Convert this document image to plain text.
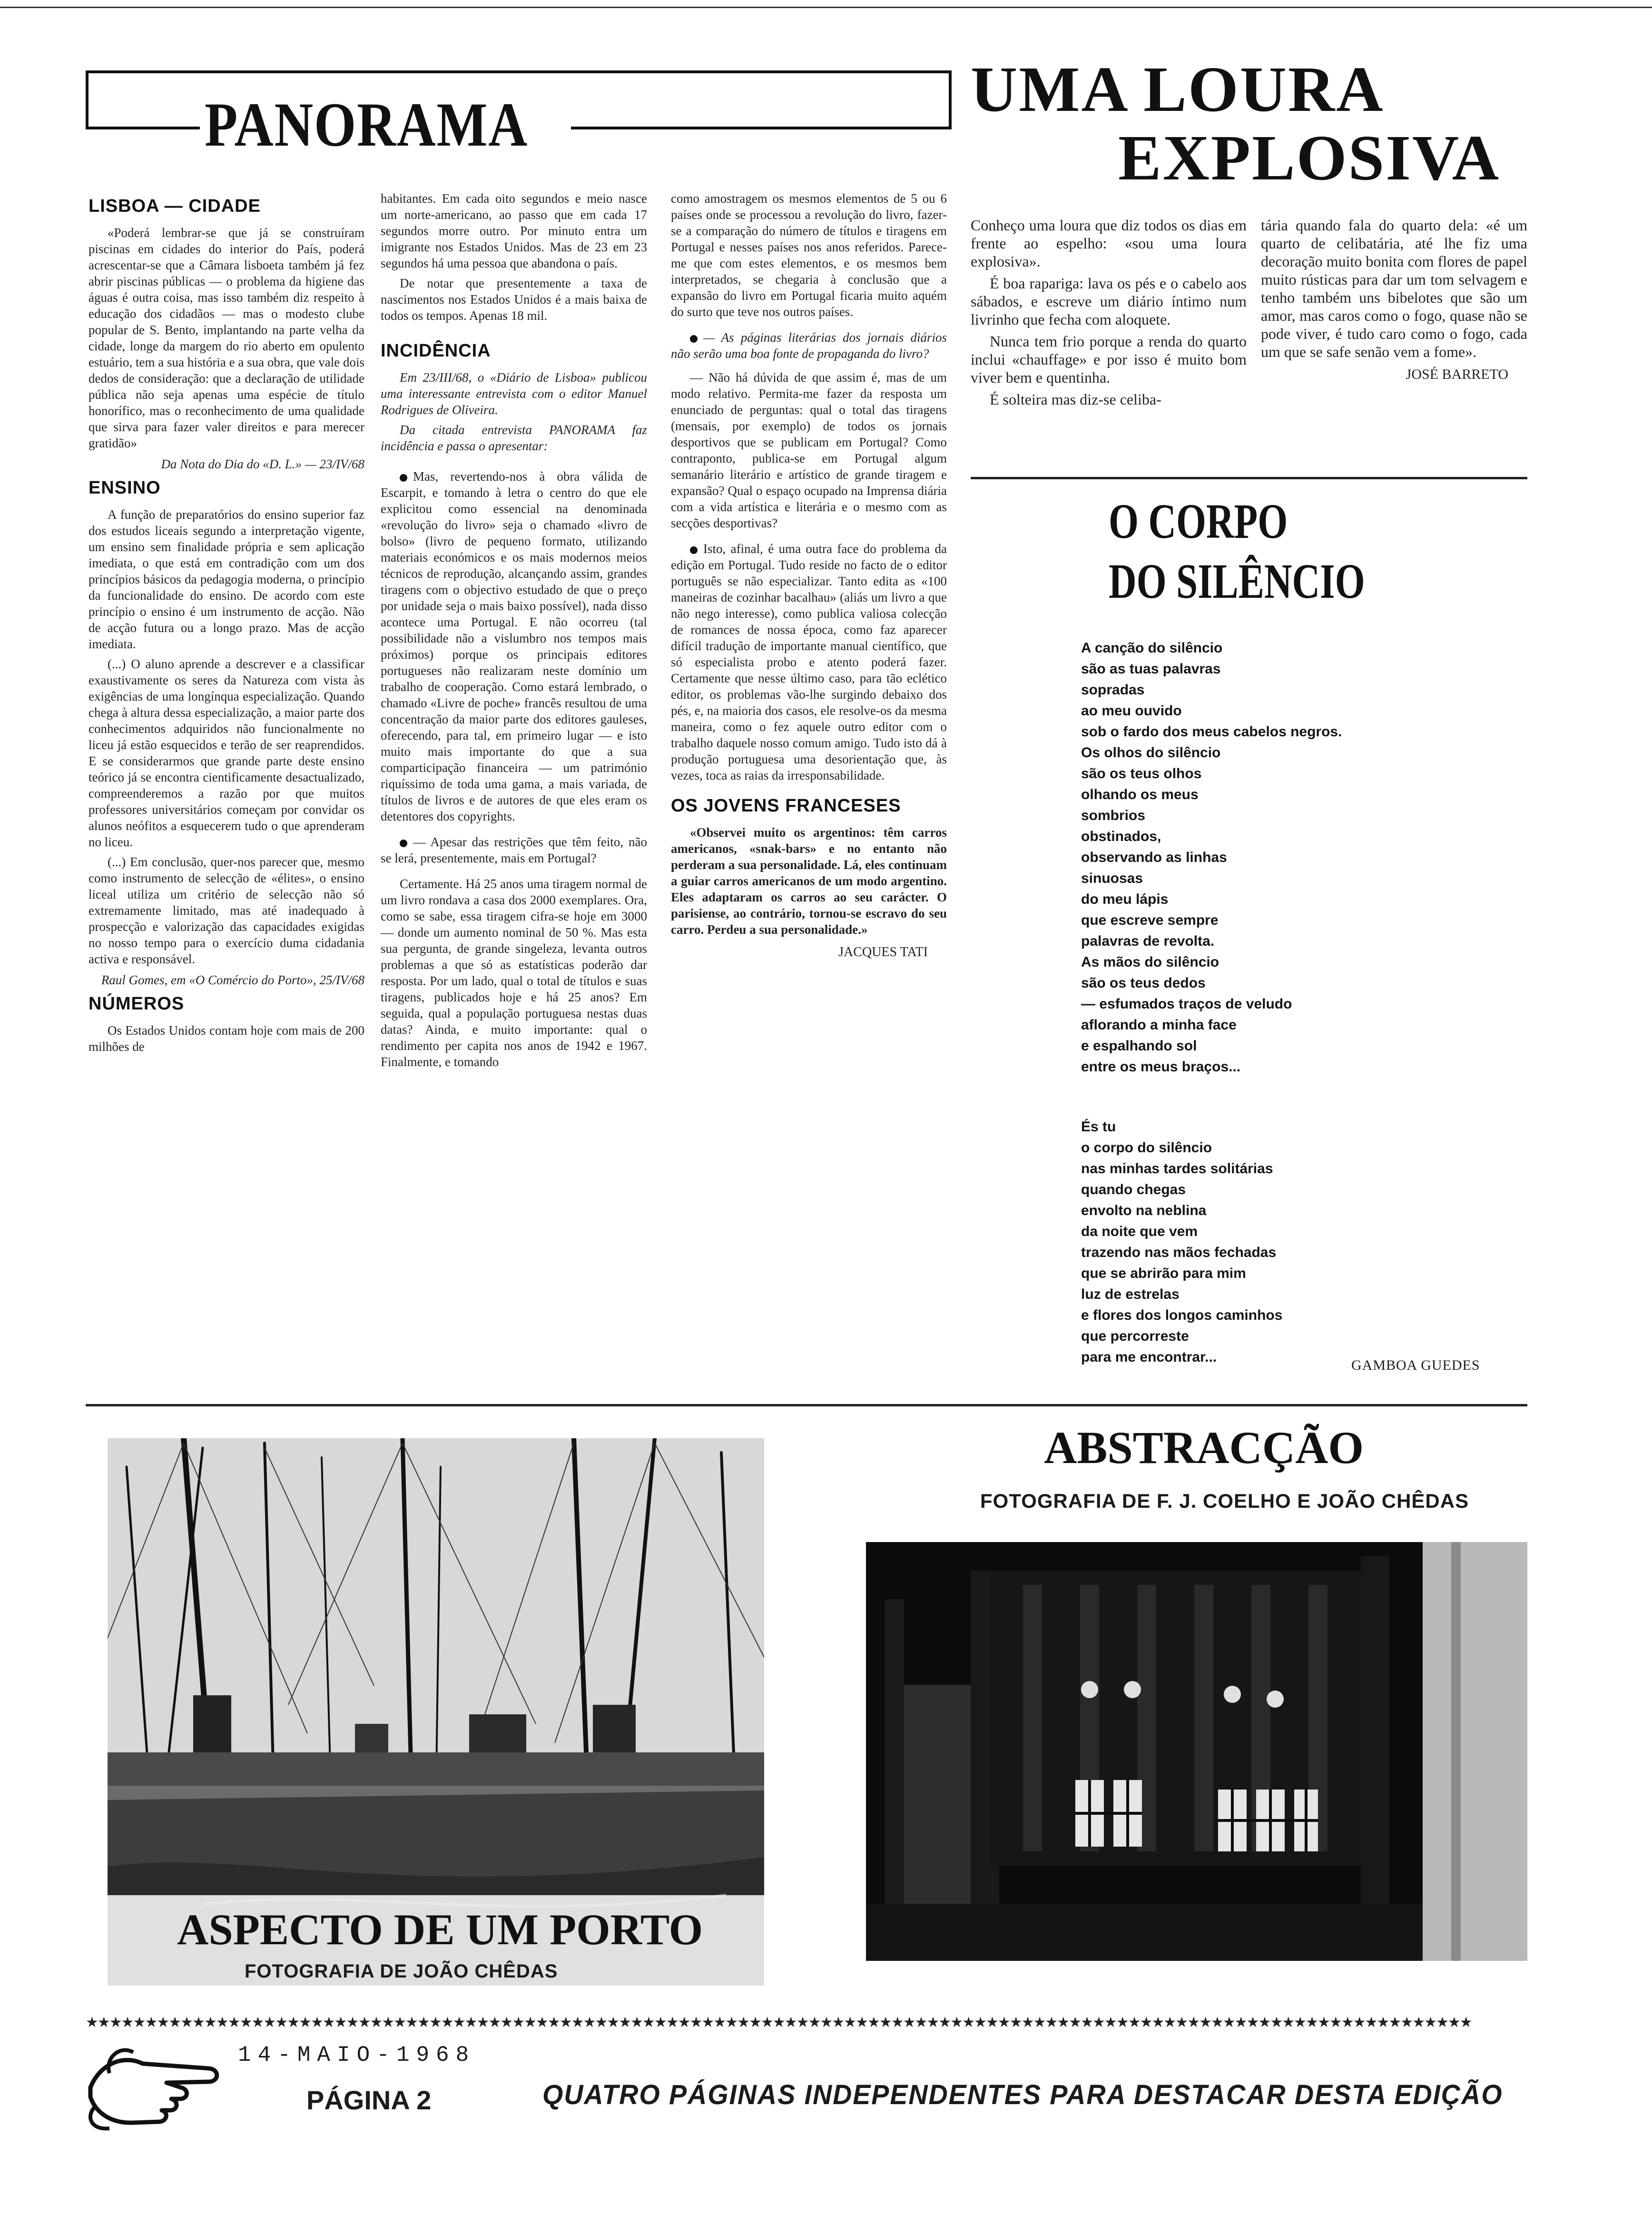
PANORAMA
LISBOA — CIDADE

«Poderá lembrar-se que já se construíram piscinas em cidades do interior do País, poderá acrescentar-se que a Câmara lisboeta também já fez abrir piscinas públicas — o problema da higiene das águas é outra coisa, mas isso também diz respeito à educação dos cidadãos — mas o modesto clube popular de S. Bento, implantando na parte velha da cidade, longe da margem do rio aberto em opulento estuário, tem a sua história e a sua obra, que vale dois dedos de consideração: que a declaração de utilidade pública não seja apenas uma espécie de título honorífico, mas o reconhecimento de uma qualidade que sirva para fazer valer direitos e para merecer gratidão»

Da Nota do Dia do «D. L.» — 23/IV/68

ENSINO

A função de preparatórios do ensino superior faz dos estudos liceais segundo a interpretação vigente, um ensino sem finalidade própria e sem aplicação imediata, o que está em contradição com um dos princípios básicos da pedagogia moderna, o princípio da funcionalidade do ensino. De acordo com este princípio o ensino é um instrumento de acção. Não de acção futura ou a longo prazo. Mas de acção imediata.

(...) O aluno aprende a descrever e a classificar exaustivamente os seres da Natureza com vista às exigências de uma longínqua especialização. Quando chega à altura dessa especialização, a maior parte dos conhecimentos adquiridos não funcionalmente no liceu já estão esquecidos e terão de ser reaprendidos. E se considerarmos que grande parte deste ensino teórico já se encontra cientificamente desactualizado, compreenderemos a razão por que muitos professores universitários começam por convidar os alunos neófitos a esquecerem tudo o que aprenderam no liceu.

(...) Em conclusão, quer-nos parecer que, mesmo como instrumento de selecção de «élites», o ensino liceal utiliza um critério de selecção não só extremamente limitado, mas até inadequado à prospecção e valorização das capacidades exigidas no nosso tempo para o exercício duma cidadania activa e responsável.

Raul Gomes, em «O Comércio do Porto», 25/IV/68

NÚMEROS

Os Estados Unidos contam hoje com mais de 200 milhões de

habitantes. Em cada oito segundos e meio nasce um norte-americano, ao passo que em cada 17 segundos morre outro. Por minuto entra um imigrante nos Estados Unidos. Mas de 23 em 23 segundos há uma pessoa que abandona o país.

De notar que presentemente a taxa de nascimentos nos Estados Unidos é a mais baixa de todos os tempos. Apenas 18 mil.

INCIDÊNCIA

Em 23/III/68, o «Diário de Lisboa» publicou uma interessante entrevista com o editor Manuel Rodrigues de Oliveira.

Da citada entrevista PANORAMA faz incidência e passa o apresentar:

Mas, revertendo-nos à obra válida de Escarpit, e tomando à letra o centro do que ele explicitou como essencial na denominada «revolução do livro» seja o chamado «livro de bolso» (livro de pequeno formato, utilizando materiais económicos e os mais modernos meios técnicos de reprodução, alcançando assim, grandes tiragens com o objectivo estudado de que o preço por unidade seja o mais baixo possível), nada disso acontece uma Portugal. E não ocorreu (tal possibilidade não a vislumbro nos tempos mais próximos) porque os principais editores portugueses não realizaram neste domínio um trabalho de cooperação. Como estará lembrado, o chamado «Livre de poche» francês resultou de uma concentração da maior parte dos editores gauleses, oferecendo, para tal, em primeiro lugar — e isto muito mais importante do que a sua comparticipação financeira — um património riquíssimo de toda uma gama, a mais variada, de títulos de livros e de autores de que eles eram os detentores dos copyrights.

— Apesar das restrições que têm feito, não se lerá, presentemente, mais em Portugal?

Certamente. Há 25 anos uma tiragem normal de um livro rondava a casa dos 2000 exemplares. Ora, como se sabe, essa tiragem cifra-se hoje em 3000 — donde um aumento nominal de 50 %. Mas esta sua pergunta, de grande singeleza, levanta outros problemas a que só as estatísticas poderão dar resposta. Por um lado, qual o total de títulos e suas tiragens, publicados hoje e há 25 anos? Em seguida, qual a população portuguesa nestas duas datas? Ainda, e muito importante: qual o rendimento per capita nos anos de 1942 e 1967. Finalmente, e tomando

como amostragem os mesmos elementos de 5 ou 6 países onde se processou a revolução do livro, fazer-se a comparação do número de títulos e tiragens em Portugal e nesses países nos anos referidos. Parece-me que com estes elementos, e os mesmos bem interpretados, se chegaria à conclusão que a expansão do livro em Portugal ficaria muito aquém do surto que teve nos outros países.

— As páginas literárias dos jornais diários não serão uma boa fonte de propaganda do livro?

— Não há dúvida de que assim é, mas de um modo relativo. Permita-me fazer da resposta um enunciado de perguntas: qual o total das tiragens (mensais, por exemplo) de todos os jornais desportivos que se publicam em Portugal? Como contraponto, publica-se em Portugal algum semanário literário e artístico de grande tiragem e expansão? Qual o espaço ocupado na Imprensa diária com a vida artística e literária e o mesmo com as secções desportivas?

Isto, afinal, é uma outra face do problema da edição em Portugal. Tudo reside no facto de o editor português se não especializar. Tanto edita as «100 maneiras de cozinhar bacalhau» (aliás um livro a que não nego interesse), como publica valiosa colecção de romances de nossa época, como faz aparecer difícil tradução de importante manual científico, que só especialista probo e atento poderá fazer. Certamente que nesse último caso, para tão eclético editor, os problemas vão-lhe surgindo debaixo dos pés, e, na maioria dos casos, ele resolve-os da mesma maneira, como o fez aquele outro editor com o trabalho daquele nosso comum amigo. Tudo isto dá à produção portuguesa uma desorientação que, às vezes, toca as raias da irresponsabilidade.

OS JOVENS FRANCESES

«Observei muito os argentinos: têm carros americanos, «snak-bars» e no entanto não perderam a sua personalidade. Lá, eles continuam a guiar carros americanos de um modo argentino. Eles adaptaram os carros ao seu carácter. O parisiense, ao contrário, tornou-se escravo do seu carro. Perdeu a sua personalidade.»

JACQUES TATI
UMA LOURA
EXPLOSIVA

Conheço uma loura que diz todos os dias em frente ao espelho: «sou uma loura explosiva».

É boa rapariga: lava os pés e o cabelo aos sábados, e escreve um diário íntimo num livrinho que fecha com aloquete.

Nunca tem frio porque a renda do quarto inclui «chauffage» e por isso é muito bom viver bem e quentinha.

É solteira mas diz-se celiba-

tária quando fala do quarto dela: «é um quarto de celibatária, até lhe fiz uma decoração muito bonita com flores de papel muito rústicas para dar um tom selvagem e tenho também uns bibelotes que são um amor, mas caros como o fogo, quase não se pode viver, é tudo caro como o fogo, cada um que se safe senão vem a fome».

JOSÉ BARRETO
O CORPO
DO SILÊNCIO
A canção do silêncio
são as tuas palavras
sopradas
ao meu ouvido
sob o fardo dos meus cabelos negros.
Os olhos do silêncio
são os teus olhos
olhando os meus
sombrios
obstinados,
observando as linhas
sinuosas
do meu lápis
que escreve sempre
palavras de revolta.
As mãos do silêncio
são os teus dedos
— esfumados traços de veludo
aflorando a minha face
e espalhando sol
entre os meus braços...
És tu
o corpo do silêncio
nas minhas tardes solitárias
quando chegas
envolto na neblina
da noite que vem
trazendo nas mãos fechadas
que se abrirão para mim
luz de estrelas
e flores dos longos caminhos
que percorreste
para me encontrar...
GAMBOA GUEDES
ASPECTO DE UM PORTO
FOTOGRAFIA DE JOÃO CHÊDAS
ABSTRACÇÃO
FOTOGRAFIA DE F. J. COELHO E JOÃO CHÊDAS
★★★★★★★★★★★★★★★★★★★★★★★★★★★★★★★★★★★★★★★★★★★★★★★★★★★★★★★★★★★★★★★★★★★★★★★★★★★★★★★★★★★★★★★★★★★★★★★★★★★★★★★★★★★★★★★★★★★★★
14-MAIO-1968
PÁGINA 2	QUATRO PÁGINAS INDEPENDENTES PARA DESTACAR DESTA EDIÇÃO
